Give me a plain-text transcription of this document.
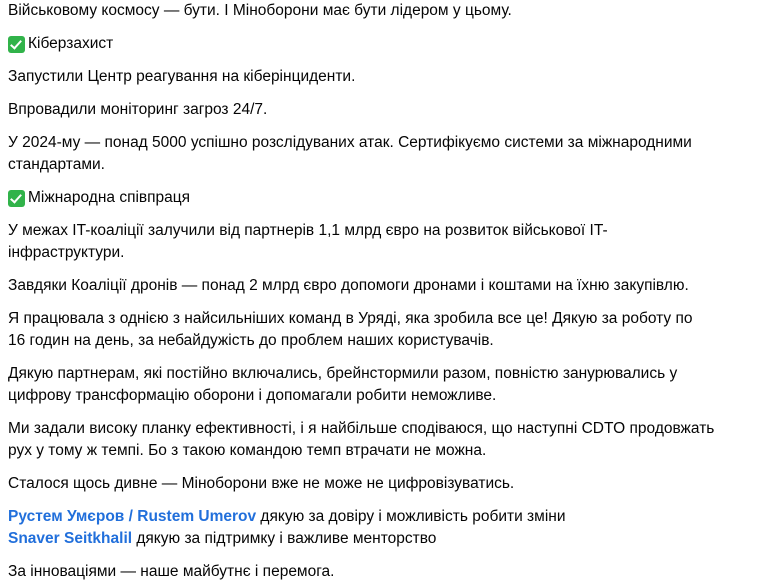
Військовому космосу — бути. І Міноборони має бути лідером у цьому.

Кіберзахист

Запустили Центр реагування на кіберінциденти.

Впровадили моніторинг загроз 24/7.

У 2024-му — понад 5000 успішно розслідуваних атак. Сертифікуємо системи за міжнародними

стандартами.

Міжнародна співпраця

У межах IT-коаліції залучили від партнерів 1,1 млрд євро на розвиток військової IT-

інфраструктури.

Завдяки Коаліції дронів — понад 2 млрд євро допомоги дронами і коштами на їхню закупівлю.

Я працювала з однією з найсильніших команд в Уряді, яка зробила все це! Дякую за роботу по

16 годин на день, за небайдужість до проблем наших користувачів.

Дякую партнерам, які постійно включались, брейнстормили разом, повністю занурювались у

цифрову трансформацію оборони і допомагали робити неможливе.

Ми задали високу планку ефективності, і я найбільше сподіваюся, що наступні CDTO продовжать

рух у тому ж темпі. Бо з такою командою темп втрачати не можна.

Сталося щось дивне — Міноборони вже не може не цифровізуватись.

Рустем Умєров / Rustem Umerov дякую за довіру і можливість робити зміни

Snaver Seitkhalil дякую за підтримку і важливе менторство

За інноваціями — наше майбутнє і перемога.
